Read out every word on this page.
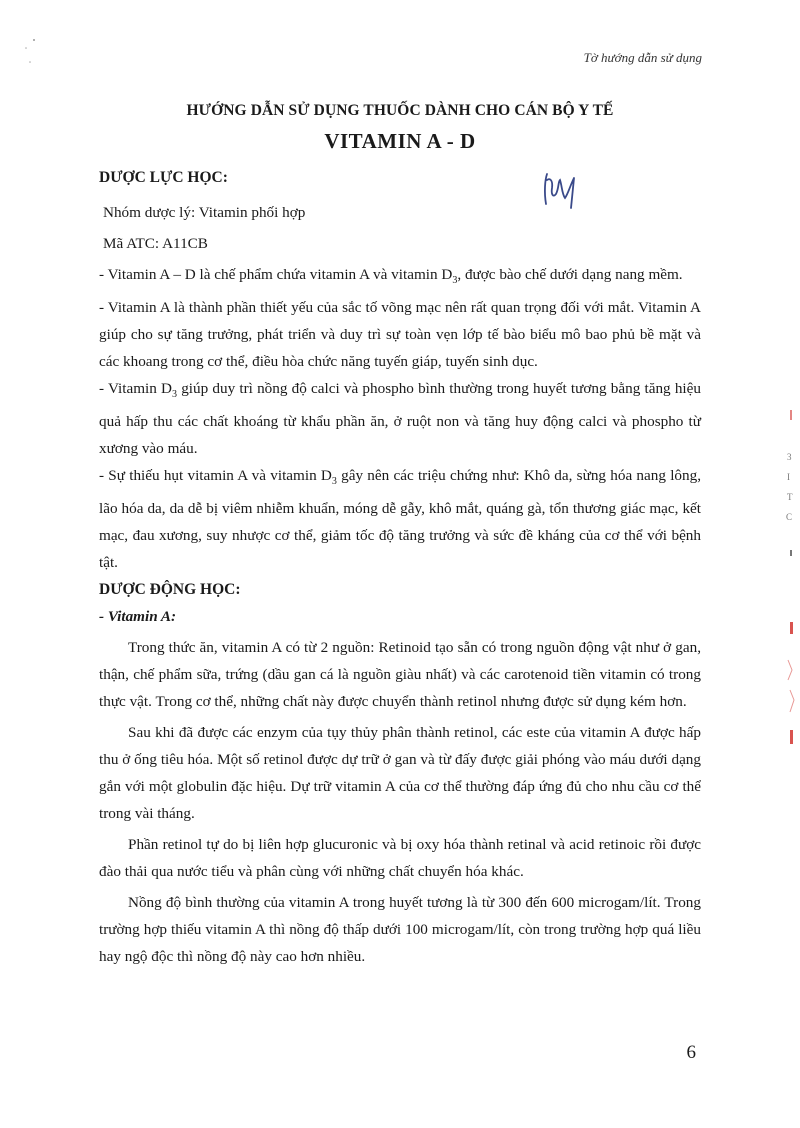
Tờ hướng dẫn sử dụng
HƯỚNG DẪN SỬ DỤNG THUỐC DÀNH CHO CÁN BỘ Y TẾ
VITAMIN A - D
3
I
T
C

DƯỢC LỰC HỌC:

Nhóm dược lý: Vitamin phối hợp

Mã ATC: A11CB

- Vitamin A – D là chế phẩm chứa vitamin A và vitamin $D_3$, được bào chế dưới dạng nang mềm.

- Vitamin A là thành phần thiết yếu của sắc tố võng mạc nên rất quan trọng đối với mắt. Vitamin A giúp cho sự tăng trưởng, phát triển và duy trì sự toàn vẹn lớp tế bào biểu mô bao phủ bề mặt và các khoang trong cơ thể, điều hòa chức năng tuyến giáp, tuyến sinh dục.

- Vitamin $D_3$ giúp duy trì nồng độ calci và phospho bình thường trong huyết tương bằng tăng hiệu quả hấp thu các chất khoáng từ khẩu phần ăn, ở ruột non và tăng huy động calci và phospho từ xương vào máu.

- Sự thiếu hụt vitamin A và vitamin $D_3$ gây nên các triệu chứng như: Khô da, sừng hóa nang lông, lão hóa da, da dễ bị viêm nhiễm khuẩn, móng dễ gẫy, khô mắt, quáng gà, tổn thương giác mạc, kết mạc, đau xương, suy nhược cơ thể, giảm tốc độ tăng trưởng và sức đề kháng của cơ thể với bệnh tật.

DƯỢC ĐỘNG HỌC:

- Vitamin A:

Trong thức ăn, vitamin A có từ 2 nguồn: Retinoid tạo sẵn có trong nguồn động vật như ở gan, thận, chế phẩm sữa, trứng (dầu gan cá là nguồn giàu nhất) và các carotenoid tiền vitamin có trong thực vật. Trong cơ thể, những chất này được chuyển thành retinol nhưng được sử dụng kém hơn.

Sau khi đã được các enzym của tụy thủy phân thành retinol, các este của vitamin A được hấp thu ở ống tiêu hóa. Một số retinol được dự trữ ở gan và từ đấy được giải phóng vào máu dưới dạng gắn với một globulin đặc hiệu. Dự trữ vitamin A của cơ thể thường đáp ứng đủ cho nhu cầu cơ thể trong vài tháng.

Phần retinol tự do bị liên hợp glucuronic và bị oxy hóa thành retinal và acid retinoic rồi được đào thải qua nước tiểu và phân cùng với những chất chuyển hóa khác.

Nồng độ bình thường của vitamin A trong huyết tương là từ 300 đến 600 microgam/lít. Trong trường hợp thiếu vitamin A thì nồng độ thấp dưới 100 microgam/lít, còn trong trường hợp quá liều hay ngộ độc thì nồng độ này cao hơn nhiều.

6
